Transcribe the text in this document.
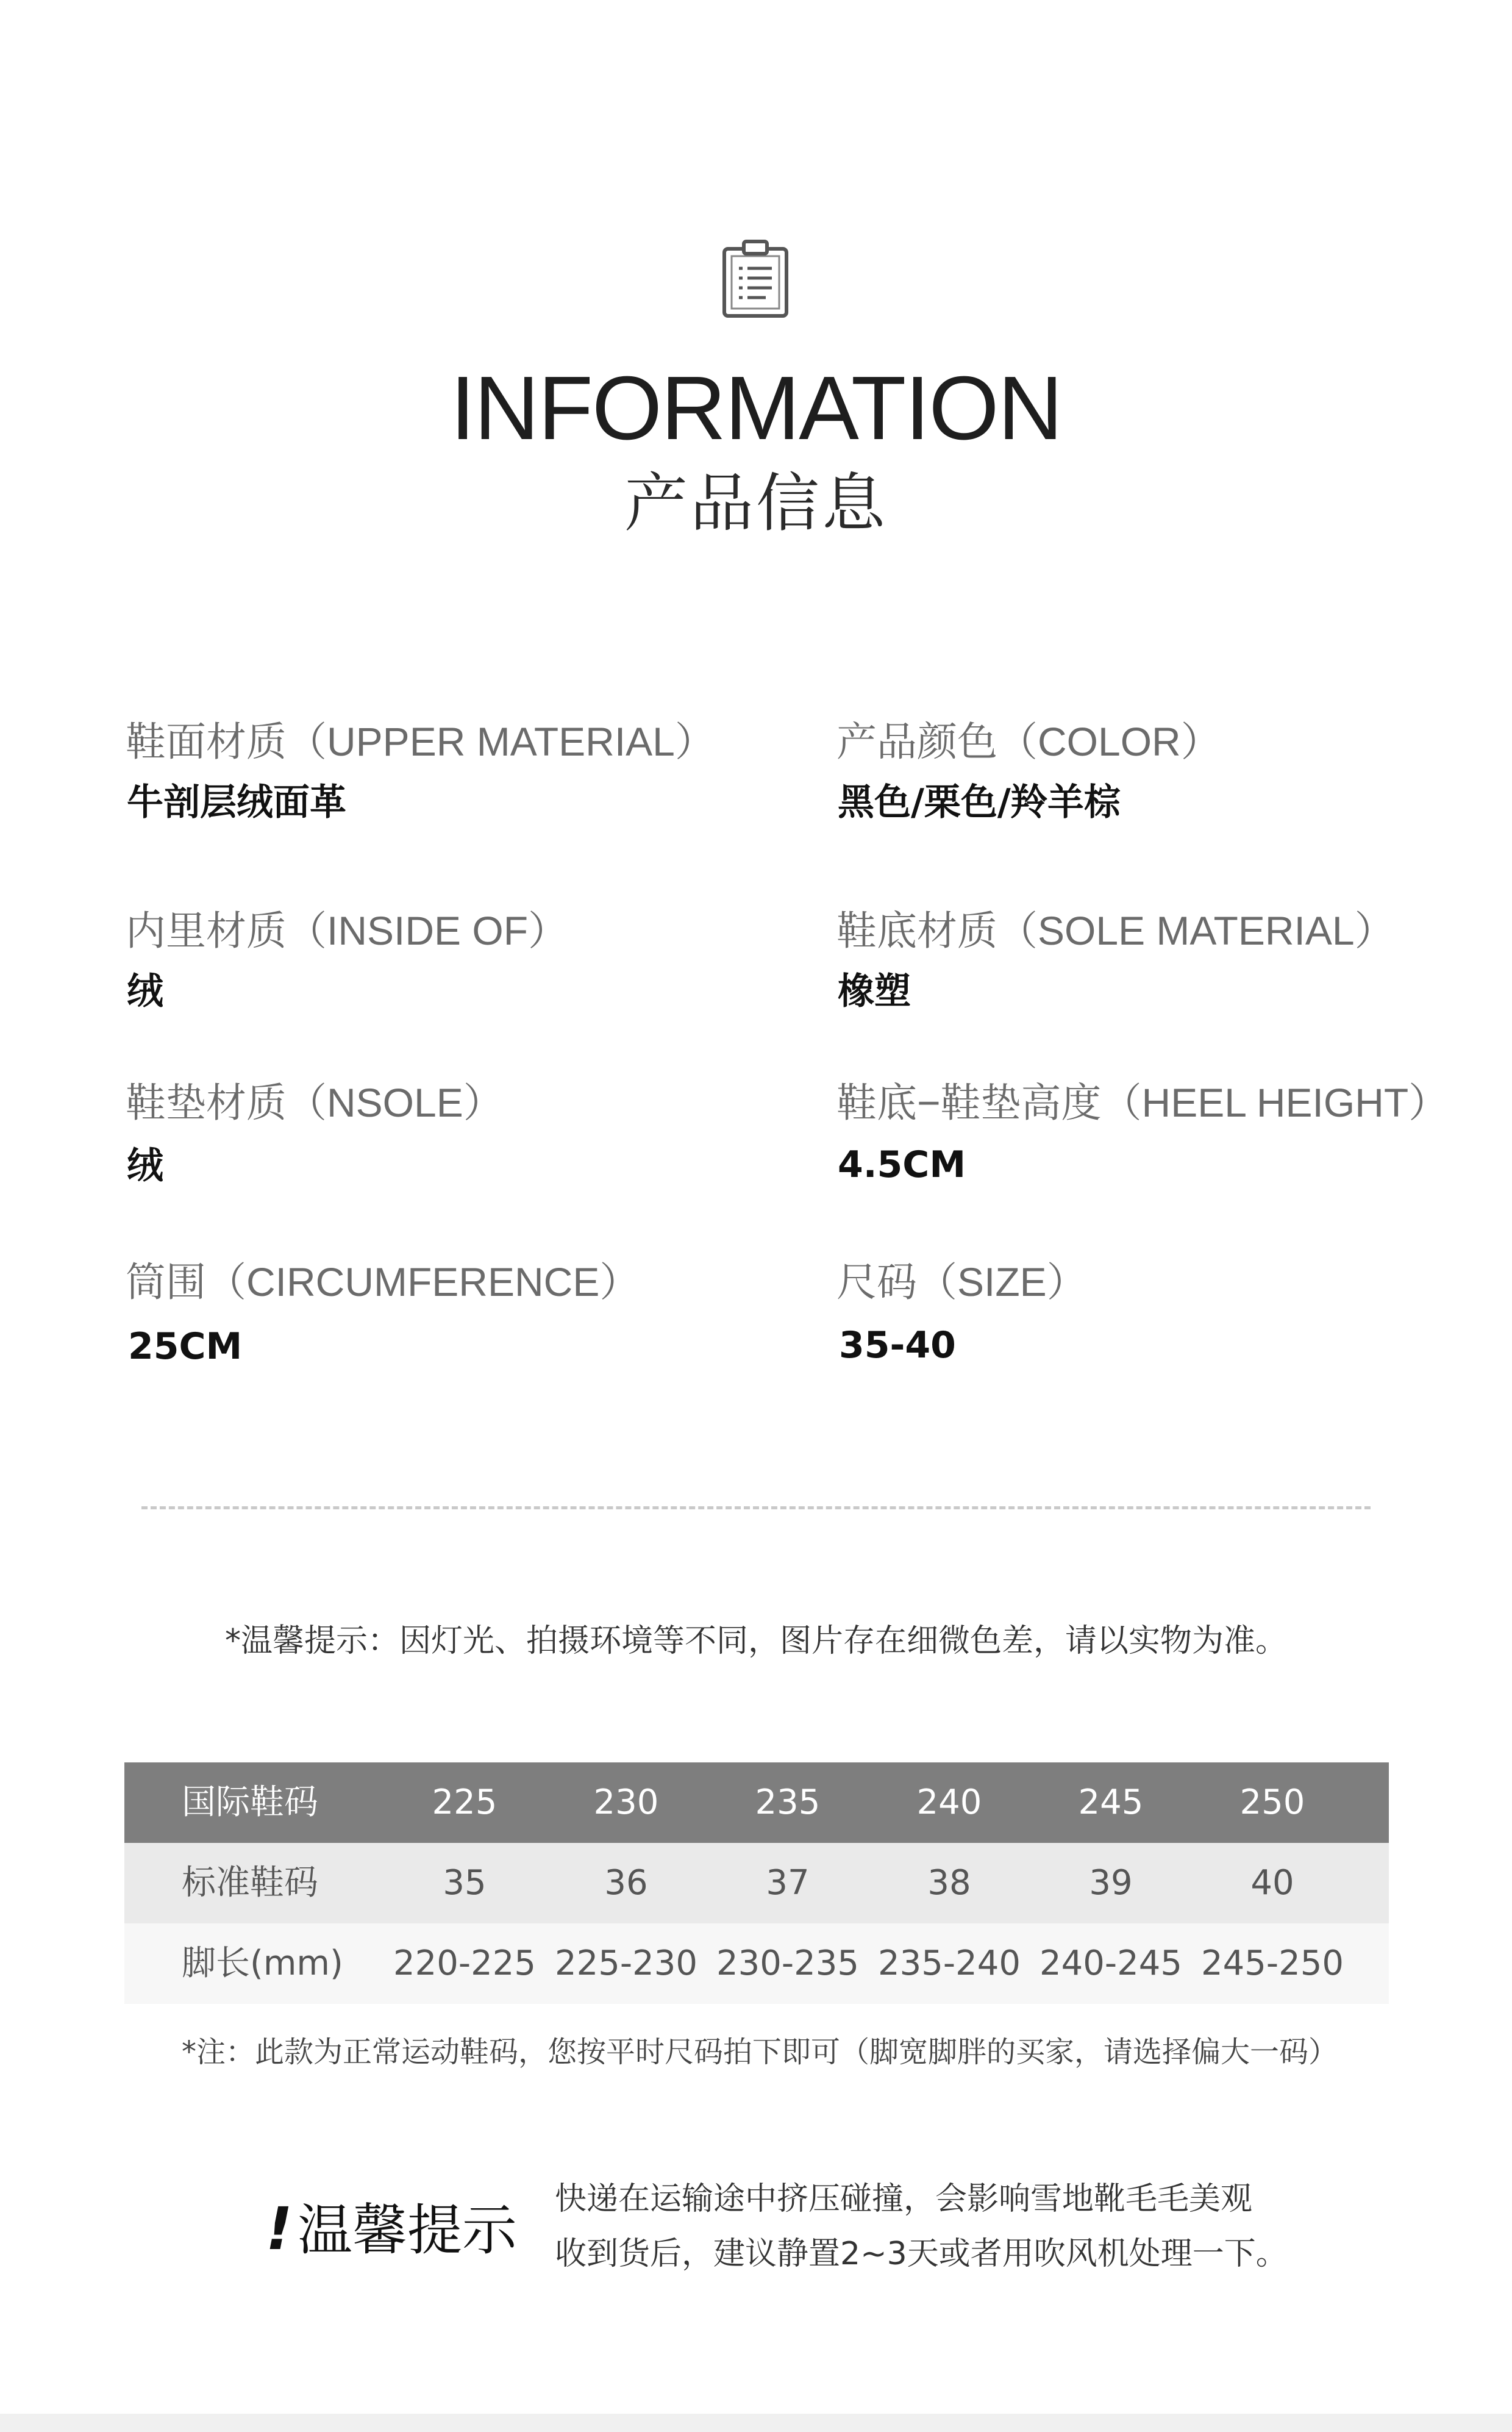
INFORMATION
产品信息
鞋面材质（UPPER MATERIAL）
牛剖层绒面革
产品颜色（COLOR）
黑色/栗色/羚羊棕
内里材质（INSIDE OF）
绒
鞋底材质（SOLE MATERIAL）
橡塑
鞋垫材质（NSOLE）
绒
鞋底−鞋垫高度（HEEL HEIGHT）
4.5CM
筒围（CIRCUMFERENCE）
25CM
尺码（SIZE）
35-40
*温馨提示：因灯光、拍摄环境等不同，图片存在细微色差，请以实物为准。
国际鞋码	225	230	235	240	245	250
标准鞋码	35	36	37	38	39	40
脚长(mm) 220-225 225-230 230-235 235-240 240-245 245-250
*注：此款为正常运动鞋码，您按平时尺码拍下即可（脚宽脚胖的买家，请选择偏大一码）
! 温馨提示 快递在运输途中挤压碰撞，会影响雪地靴毛毛美观
收到货后，建议静置2~3天或者用吹风机处理一下。
